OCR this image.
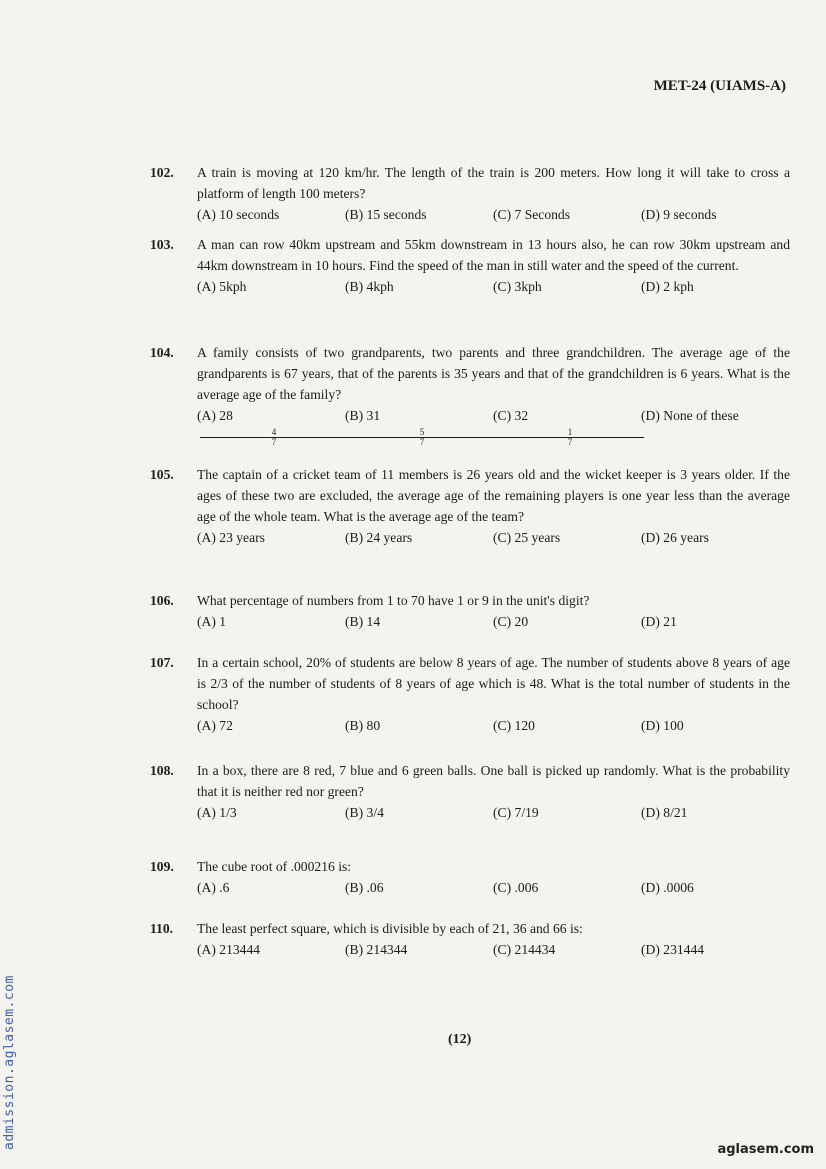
MET-24 (UIAMS-A)
102. A train is moving at 120 km/hr. The length of the train is 200 meters. How long it will take to cross a platform of length 100 meters?
(A) 10 seconds	(B) 15 seconds	(C) 7 Seconds	(D) 9 seconds
103. A man can row 40km upstream and 55km downstream in 13 hours also, he can row 30km upstream and 44km downstream in 10 hours. Find the speed of the man in still water and the speed of the current.
(A) 5kph	(B) 4kph	(C) 3kph	(D) 2 kph
104. A family consists of two grandparents, two parents and three grandchildren. The average age of the grandparents is 67 years, that of the parents is 35 years and that of the grandchildren is 6 years. What is the average age of the family?
(A) 28
$\frac{4}{7}$
(B) 31
$\frac{5}{7}$
(C) 32
$\frac{1}{7}$
(D) None of these
105. The captain of a cricket team of 11 members is 26 years old and the wicket keeper is 3 years older. If the ages of these two are excluded, the average age of the remaining players is one year less than the average age of the whole team. What is the average age of the team?
(A) 23 years	(B) 24 years	(C) 25 years	(D) 26 years
106. What percentage of numbers from 1 to 70 have 1 or 9 in the unit's digit?
(A) 1	(B) 14	(C) 20	(D) 21
107. In a certain school, 20% of students are below 8 years of age. The number of students above 8 years of age is 2/3 of the number of students of 8 years of age which is 48. What is the total number of students in the school?
(A) 72	(B) 80	(C) 120	(D) 100
108. In a box, there are 8 red, 7 blue and 6 green balls. One ball is picked up randomly. What is the probability that it is neither red nor green?
(A) 1/3	(B) 3/4	(C) 7/19	(D) 8/21
109. The cube root of .000216 is:
(A) .6	(B) .06	(C) .006	(D) .0006
110. The least perfect square, which is divisible by each of 21, 36 and 66 is:
(A) 213444	(B) 214344	(C) 214434	(D) 231444
(12)
admission.aglasem.com	aglasem.com
